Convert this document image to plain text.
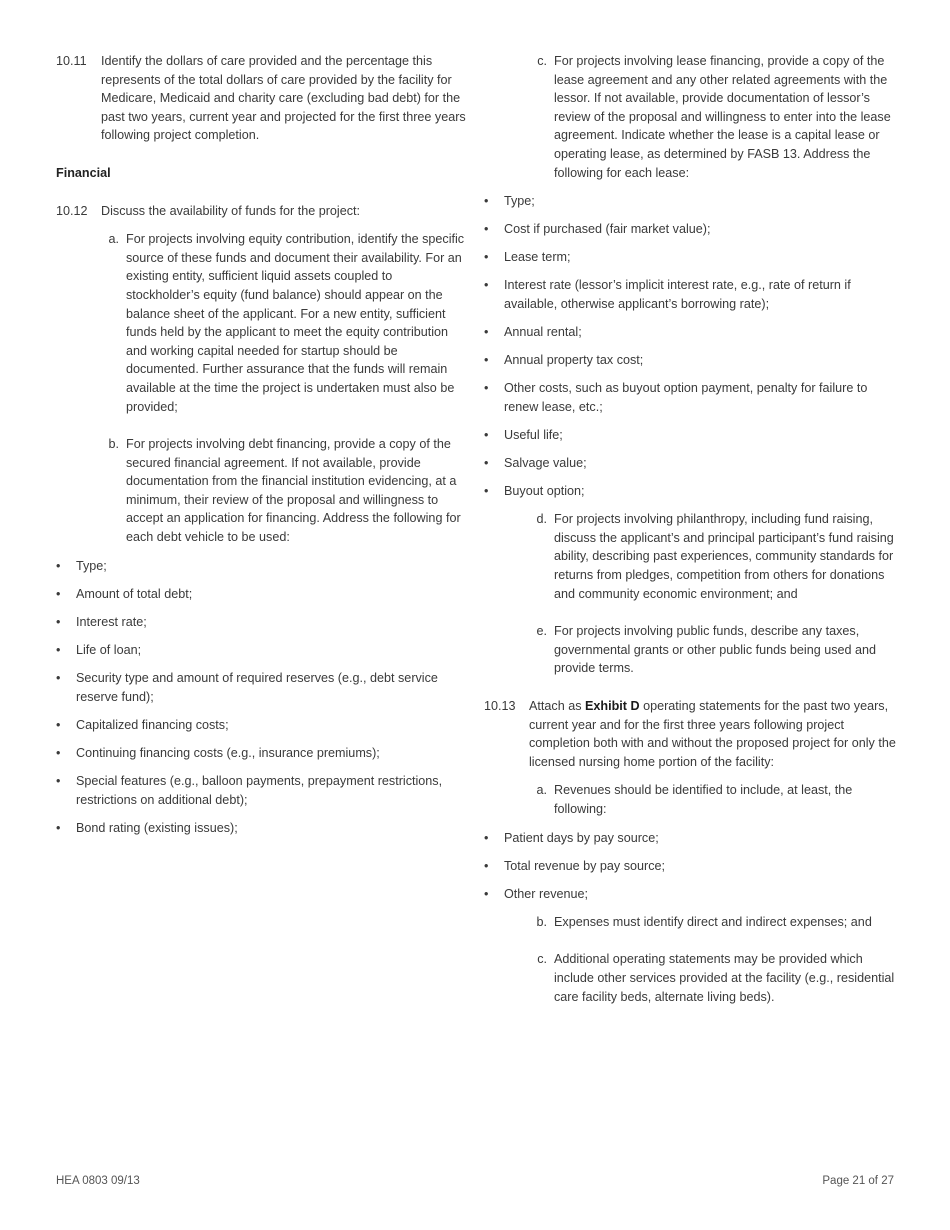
10.11	Identify the dollars of care provided and the percentage this represents of the total dollars of care provided by the facility for Medicare, Medicaid and charity care (excluding bad debt) for the past two years, current year and projected for the first three years following project completion.
Financial
10.12	Discuss the availability of funds for the project:
a. For projects involving equity contribution, identify the specific source of these funds and document their availability. For an existing entity, sufficient liquid assets coupled to stockholder’s equity (fund balance) should appear on the balance sheet of the applicant. For a new entity, sufficient funds held by the applicant to meet the equity contribution and working capital needed for startup should be documented. Further assurance that the funds will remain available at the time the project is undertaken must also be provided;
b. For projects involving debt financing, provide a copy of the secured financial agreement. If not available, provide documentation from the financial institution evidencing, at a minimum, their review of the proposal and willingness to accept an application for financing. Address the following for each debt vehicle to be used:
•	Type;
•	Amount of total debt;
•	Interest rate;
•	Life of loan;
•	Security type and amount of required reserves (e.g., debt service reserve fund);
•	Capitalized financing costs;
•	Continuing financing costs (e.g., insurance premiums);
•	Special features (e.g., balloon payments, prepayment restrictions, restrictions on additional debt);
•	Bond rating (existing issues);
c. For projects involving lease financing, provide a copy of the lease agreement and any other related agreements with the lessor. If not available, provide documentation of lessor’s review of the proposal and willingness to enter into the lease agreement. Indicate whether the lease is a capital lease or operating lease, as determined by FASB 13. Address the following for each lease:
•	Type;
•	Cost if purchased (fair market value);
•	Lease term;
•	Interest rate (lessor’s implicit interest rate, e.g., rate of return if available, otherwise applicant’s borrowing rate);
•	Annual rental;
•	Annual property tax cost;
•	Other costs, such as buyout option payment, penalty for failure to renew lease, etc.;
•	Useful life;
•	Salvage value;
•	Buyout option;
d. For projects involving philanthropy, including fund raising, discuss the applicant’s and principal participant’s fund raising ability, describing past experiences, community standards for returns from pledges, competition from others for donations and community economic environment; and
e. For projects involving public funds, describe any taxes, governmental grants or other public funds being used and provide terms.
10.13	Attach as Exhibit D operating statements for the past two years, current year and for the first three years following project completion both with and without the proposed project for only the licensed nursing home portion of the facility:
a. Revenues should be identified to include, at least, the following:
•	Patient days by pay source;
•	Total revenue by pay source;
•	Other revenue;
b. Expenses must identify direct and indirect expenses; and
c. Additional operating statements may be provided which include other services provided at the facility (e.g., residential care facility beds, alternate living beds).
HEA 0803 09/13	Page 21 of 27
